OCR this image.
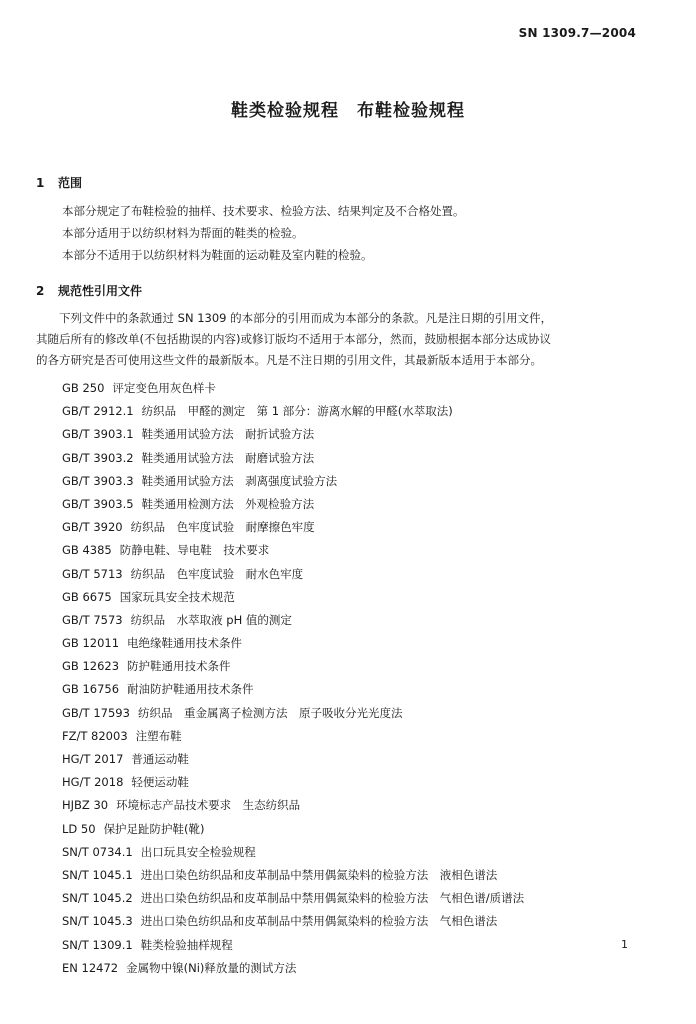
SN 1309.7—2004
鞋类检验规程　布鞋检验规程
1 范围
本部分规定了布鞋检验的抽样、技术要求、检验方法、结果判定及不合格处置。
本部分适用于以纺织材料为帮面的鞋类的检验。
本部分不适用于以纺织材料为鞋面的运动鞋及室内鞋的检验。
2 规范性引用文件
　　下列文件中的条款通过 SN 1309 的本部分的引用而成为本部分的条款。凡是注日期的引用文件，
其随后所有的修改单(不包括勘误的内容)或修订版均不适用于本部分，然而，鼓励根据本部分达成协议
的各方研究是否可使用这些文件的最新版本。凡是不注日期的引用文件，其最新版本适用于本部分。
GB 250 评定变色用灰色样卡
GB/T 2912.1 纺织品　甲醛的测定　第 1 部分：游离水解的甲醛(水萃取法)
GB/T 3903.1 鞋类通用试验方法　耐折试验方法
GB/T 3903.2 鞋类通用试验方法　耐磨试验方法
GB/T 3903.3 鞋类通用试验方法　剥离强度试验方法
GB/T 3903.5 鞋类通用检测方法　外观检验方法
GB/T 3920 纺织品　色牢度试验　耐摩擦色牢度
GB 4385 防静电鞋、导电鞋　技术要求
GB/T 5713 纺织品　色牢度试验　耐水色牢度
GB 6675 国家玩具安全技术规范
GB/T 7573 纺织品　水萃取液 pH 值的测定
GB 12011 电绝缘鞋通用技术条件
GB 12623 防护鞋通用技术条件
GB 16756 耐油防护鞋通用技术条件
GB/T 17593 纺织品　重金属离子检测方法　原子吸收分光光度法
FZ/T 82003 注塑布鞋
HG/T 2017 普通运动鞋
HG/T 2018 轻便运动鞋
HJBZ 30 环境标志产品技术要求　生态纺织品
LD 50 保护足趾防护鞋(靴)
SN/T 0734.1 出口玩具安全检验规程
SN/T 1045.1 进出口染色纺织品和皮革制品中禁用偶氮染料的检验方法　液相色谱法
SN/T 1045.2 进出口染色纺织品和皮革制品中禁用偶氮染料的检验方法　气相色谱/质谱法
SN/T 1045.3 进出口染色纺织品和皮革制品中禁用偶氮染料的检验方法　气相色谱法
SN/T 1309.1 鞋类检验抽样规程
EN 12472 金属物中镍(Ni)释放量的测试方法
1
